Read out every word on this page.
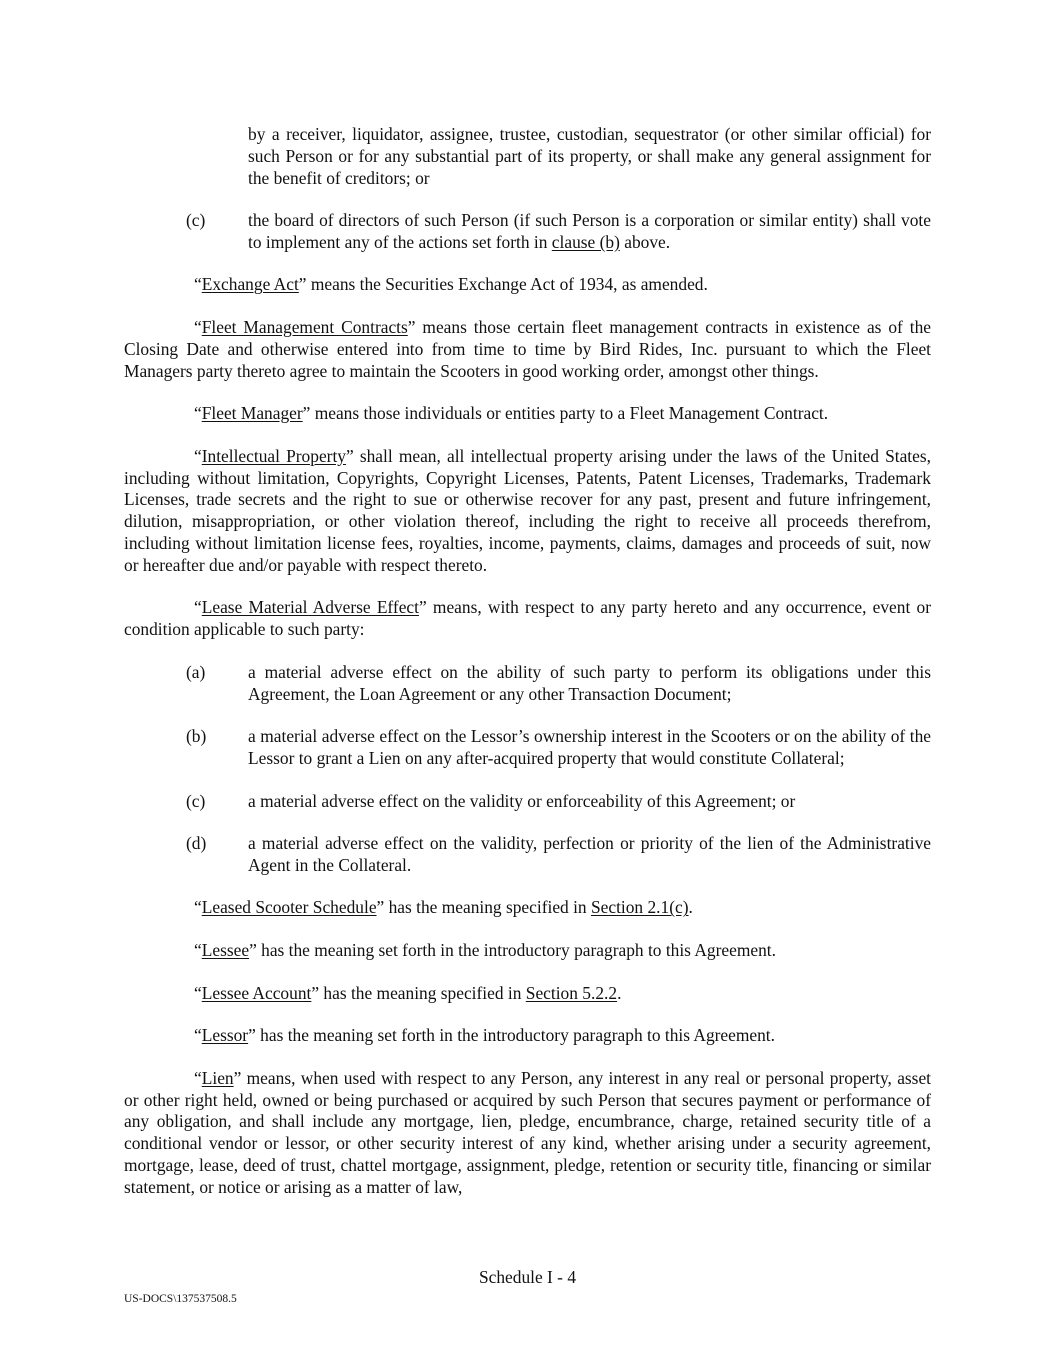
by a receiver, liquidator, assignee, trustee, custodian, sequestrator (or other similar official) for such Person or for any substantial part of its property, or shall make any general assignment for the benefit of creditors; or

(c)	the board of directors of such Person (if such Person is a corporation or similar entity) shall vote to implement any of the actions set forth in clause (b) above.

“Exchange Act” means the Securities Exchange Act of 1934, as amended.

“Fleet Management Contracts” means those certain fleet management contracts in existence as of the Closing Date and otherwise entered into from time to time by Bird Rides, Inc. pursuant to which the Fleet Managers party thereto agree to maintain the Scooters in good working order, amongst other things.

“Fleet Manager” means those individuals or entities party to a Fleet Management Contract.

“Intellectual Property” shall mean, all intellectual property arising under the laws of the United States, including without limitation, Copyrights, Copyright Licenses, Patents, Patent Licenses, Trademarks, Trademark Licenses, trade secrets and the right to sue or otherwise recover for any past, present and future infringement, dilution, misappropriation, or other violation thereof, including the right to receive all proceeds therefrom, including without limitation license fees, royalties, income, payments, claims, damages and proceeds of suit, now or hereafter due and/or payable with respect thereto.

“Lease Material Adverse Effect” means, with respect to any party hereto and any occurrence, event or condition applicable to such party:

(a)	a material adverse effect on the ability of such party to perform its obligations under this Agreement, the Loan Agreement or any other Transaction Document;
(b)	a material adverse effect on the Lessor’s ownership interest in the Scooters or on the ability of the Lessor to grant a Lien on any after-acquired property that would constitute Collateral;
(c)	a material adverse effect on the validity or enforceability of this Agreement; or
(d)	a material adverse effect on the validity, perfection or priority of the lien of the Administrative Agent in the Collateral.

“Leased Scooter Schedule” has the meaning specified in Section 2.1(c).

“Lessee” has the meaning set forth in the introductory paragraph to this Agreement.

“Lessee Account” has the meaning specified in Section 5.2.2.

“Lessor” has the meaning set forth in the introductory paragraph to this Agreement.

“Lien” means, when used with respect to any Person, any interest in any real or personal property, asset or other right held, owned or being purchased or acquired by such Person that secures payment or performance of any obligation, and shall include any mortgage, lien, pledge, encumbrance, charge, retained security title of a conditional vendor or lessor, or other security interest of any kind, whether arising under a security agreement, mortgage, lease, deed of trust, chattel mortgage, assignment, pledge, retention or security title, financing or similar statement, or notice or arising as a matter of law,

Schedule I - 4
US-DOCS\137537508.5
